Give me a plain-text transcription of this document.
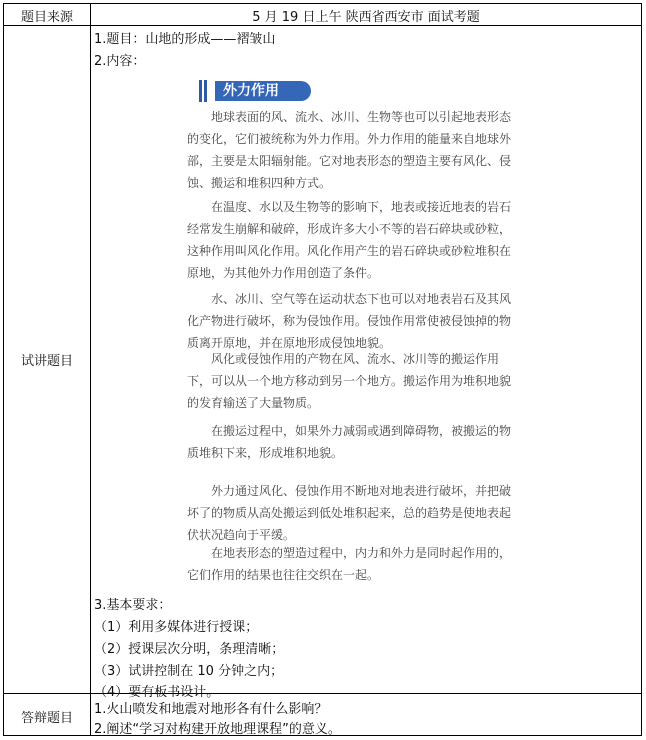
题目来源	5 月 19 日上午 陕西省西安市 面试考题
试讲题目
答辩题目
1.题目：山地的形成——褶皱山
2.内容：
外力作用
地球表面的风、流水、冰川、生物等也可以引起地表形态
的变化，它们被统称为外力作用。外力作用的能量来自地球外
部，主要是太阳辐射能。它对地表形态的塑造主要有风化、侵
蚀、搬运和堆积四种方式。
在温度、水以及生物等的影响下，地表或接近地表的岩石
经常发生崩解和破碎，形成许多大小不等的岩石碎块或砂粒，
这种作用叫风化作用。风化作用产生的岩石碎块或砂粒堆积在
原地，为其他外力作用创造了条件。
水、冰川、空气等在运动状态下也可以对地表岩石及其风
化产物进行破坏，称为侵蚀作用。侵蚀作用常使被侵蚀掉的物
质离开原地，并在原地形成侵蚀地貌。
风化或侵蚀作用的产物在风、流水、冰川等的搬运作用
下，可以从一个地方移动到另一个地方。搬运作用为堆积地貌
的发育输送了大量物质。
在搬运过程中，如果外力减弱或遇到障碍物，被搬运的物
质堆积下来，形成堆积地貌。
外力通过风化、侵蚀作用不断地对地表进行破坏，并把破
坏了的物质从高处搬运到低处堆积起来，总的趋势是使地表起
伏状况趋向于平缓。
在地表形态的塑造过程中，内力和外力是同时起作用的，
它们作用的结果也往往交织在一起。
3.基本要求：
（1）利用多媒体进行授课；
（2）授课层次分明，条理清晰；
（3）试讲控制在 10 分钟之内；
（4）要有板书设计。
1.火山喷发和地震对地形各有什么影响？
2.阐述“学习对构建开放地理课程”的意义。
